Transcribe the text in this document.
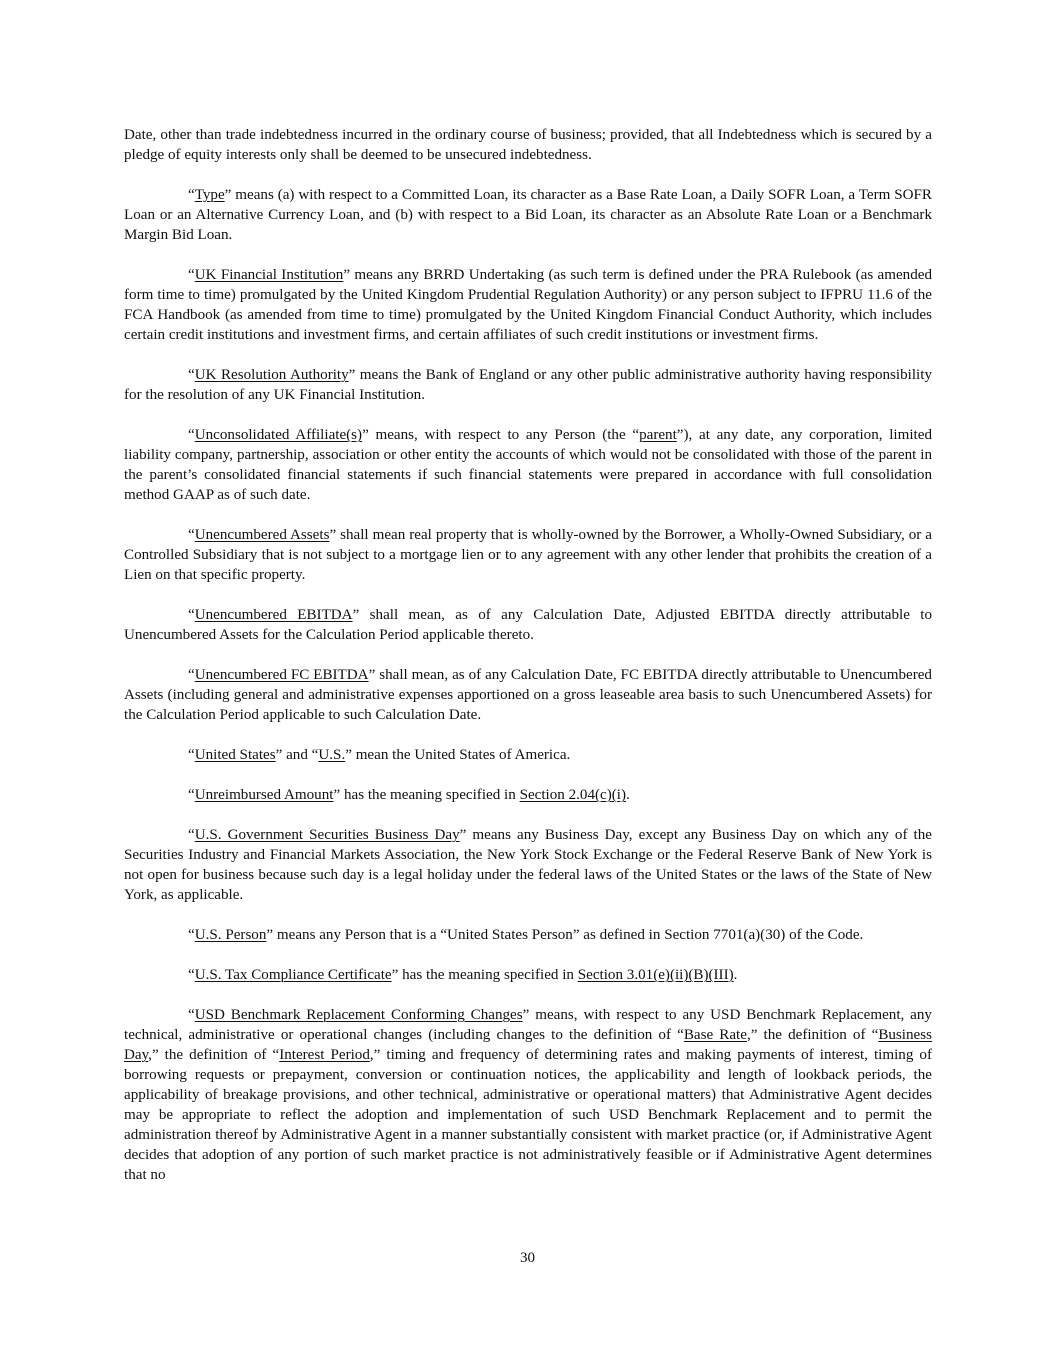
Date, other than trade indebtedness incurred in the ordinary course of business; provided, that all Indebtedness which is secured by a pledge of equity interests only shall be deemed to be unsecured indebtedness.

“Type” means (a) with respect to a Committed Loan, its character as a Base Rate Loan, a Daily SOFR Loan, a Term SOFR Loan or an Alternative Currency Loan, and (b) with respect to a Bid Loan, its character as an Absolute Rate Loan or a Benchmark Margin Bid Loan.

“UK Financial Institution” means any BRRD Undertaking (as such term is defined under the PRA Rulebook (as amended form time to time) promulgated by the United Kingdom Prudential Regulation Authority) or any person subject to IFPRU 11.6 of the FCA Handbook (as amended from time to time) promulgated by the United Kingdom Financial Conduct Authority, which includes certain credit institutions and investment firms, and certain affiliates of such credit institutions or investment firms.

“UK Resolution Authority” means the Bank of England or any other public administrative authority having responsibility for the resolution of any UK Financial Institution.

“Unconsolidated Affiliate(s)” means, with respect to any Person (the “parent”), at any date, any corporation, limited liability company, partnership, association or other entity the accounts of which would not be consolidated with those of the parent in the parent’s consolidated financial statements if such financial statements were prepared in accordance with full consolidation method GAAP as of such date.

“Unencumbered Assets” shall mean real property that is wholly-owned by the Borrower, a Wholly-Owned Subsidiary, or a Controlled Subsidiary that is not subject to a mortgage lien or to any agreement with any other lender that prohibits the creation of a Lien on that specific property.

“Unencumbered EBITDA” shall mean, as of any Calculation Date, Adjusted EBITDA directly attributable to Unencumbered Assets for the Calculation Period applicable thereto.

“Unencumbered FC EBITDA” shall mean, as of any Calculation Date, FC EBITDA directly attributable to Unencumbered Assets (including general and administrative expenses apportioned on a gross leaseable area basis to such Unencumbered Assets) for the Calculation Period applicable to such Calculation Date.

“United States” and “U.S.” mean the United States of America.

“Unreimbursed Amount” has the meaning specified in Section 2.04(c)(i).

“U.S. Government Securities Business Day” means any Business Day, except any Business Day on which any of the Securities Industry and Financial Markets Association, the New York Stock Exchange or the Federal Reserve Bank of New York is not open for business because such day is a legal holiday under the federal laws of the United States or the laws of the State of New York, as applicable.

“U.S. Person” means any Person that is a “United States Person” as defined in Section 7701(a)(30) of the Code.

“U.S. Tax Compliance Certificate” has the meaning specified in Section 3.01(e)(ii)(B)(III).

“USD Benchmark Replacement Conforming Changes” means, with respect to any USD Benchmark Replacement, any technical, administrative or operational changes (including changes to the definition of “Base Rate,” the definition of “Business Day,” the definition of “Interest Period,” timing and frequency of determining rates and making payments of interest, timing of borrowing requests or prepayment, conversion or continuation notices, the applicability and length of lookback periods, the applicability of breakage provisions, and other technical, administrative or operational matters) that Administrative Agent decides may be appropriate to reflect the adoption and implementation of such USD Benchmark Replacement and to permit the administration thereof by Administrative Agent in a manner substantially consistent with market practice (or, if Administrative Agent decides that adoption of any portion of such market practice is not administratively feasible or if Administrative Agent determines that no

30
